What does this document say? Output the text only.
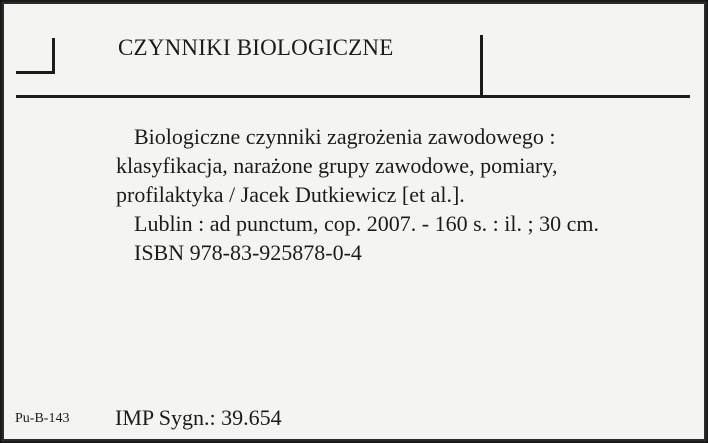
CZYNNIKI BIOLOGICZNE

Biologiczne czynniki zagrożenia zawodowego : klasyfikacja, narażone grupy zawodowe, pomiary, profilaktyka / Jacek Dutkiewicz [et al.].

Lublin : ad punctum, cop. 2007. - 160 s. : il. ; 30 cm.

ISBN 978-83-925878-0-4

Pu-B-143 IMP Sygn.: 39.654
